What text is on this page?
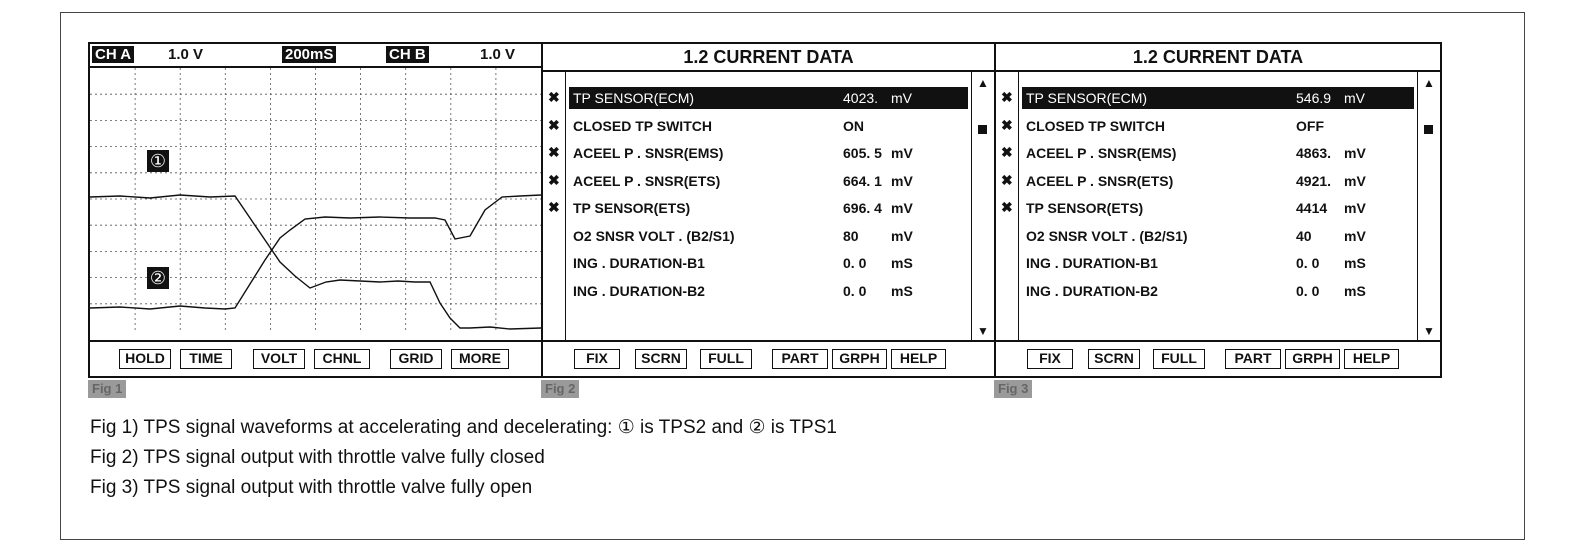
CH A 1.0 V	200mS	CH B	1.0 V
①
②
HOLD	TIME	VOLT	CHNL	GRID	MORE
1.2 CURRENT DATA
▲
▼
TP SENSOR(ECM)	4023. mV
✖
CLOSED TP SWITCH	ON
✖
ACEEL P . SNSR(EMS)	605. 5 mV
✖
ACEEL P . SNSR(ETS)	664. 1 mV
✖
TP SENSOR(ETS)	696. 4 mV
✖
O2 SNSR VOLT . (B2/S1)	80 mV
ING . DURATION-B1	0. 0 mS
ING . DURATION-B2	0. 0 mS
FIX	SCRN	FULL	PART	GRPH	HELP
1.2 CURRENT DATA
▲
▼
TP SENSOR(ECM)	546.9 mV
✖
CLOSED TP SWITCH	OFF
✖
ACEEL P . SNSR(EMS)	4863. mV
✖
ACEEL P . SNSR(ETS)	4921. mV
✖
TP SENSOR(ETS)	4414 mV
✖
O2 SNSR VOLT . (B2/S1)	40 mV
ING . DURATION-B1	0. 0 mS
ING . DURATION-B2	0. 0 mS
FIX	SCRN	FULL	PART	GRPH	HELP
Fig 1	Fig 2	Fig 3
Fig 1) TPS signal waveforms at accelerating and decelerating: ① is TPS2 and ② is TPS1
Fig 2) TPS signal output with throttle valve fully closed
Fig 3) TPS signal output with throttle valve fully open
